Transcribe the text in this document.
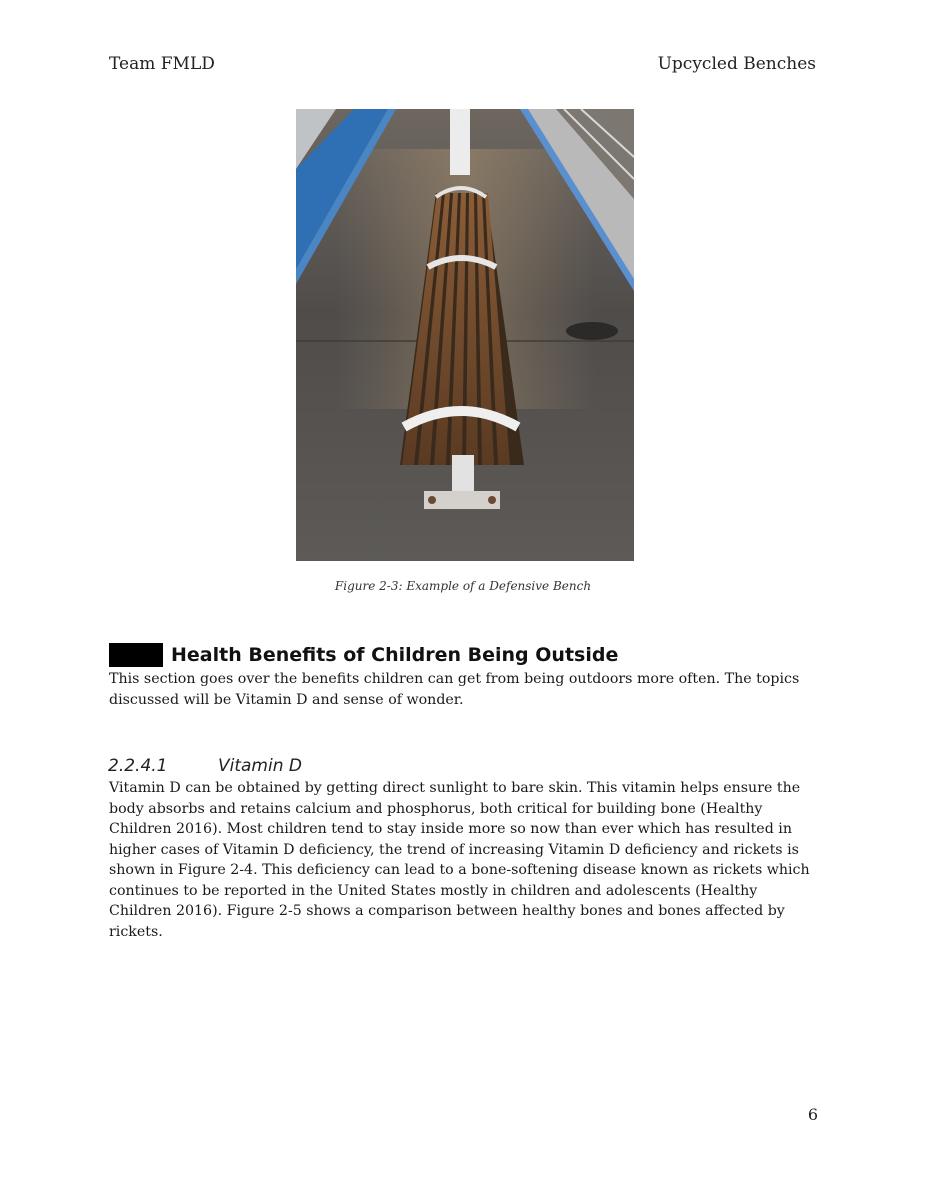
Team FMLD	Upcycled Benches
Figure 2-3: Example of a Defensive Bench
Health Benefits of Children Being Outside
This section goes over the benefits children can get from being outdoors more often. The topics discussed will be Vitamin D and sense of wonder.
2.2.4.1	Vitamin D
Vitamin D can be obtained by getting direct sunlight to bare skin. This vitamin helps ensure the body absorbs and retains calcium and phosphorus, both critical for building bone (Healthy Children 2016). Most children tend to stay inside more so now than ever which has resulted in higher cases of Vitamin D deficiency, the trend of increasing Vitamin D deficiency and rickets is shown in Figure 2-4. This deficiency can lead to a bone-softening disease known as rickets which continues to be reported in the United States mostly in children and adolescents (Healthy Children 2016). Figure 2-5 shows a comparison between healthy bones and bones affected by rickets.
6
